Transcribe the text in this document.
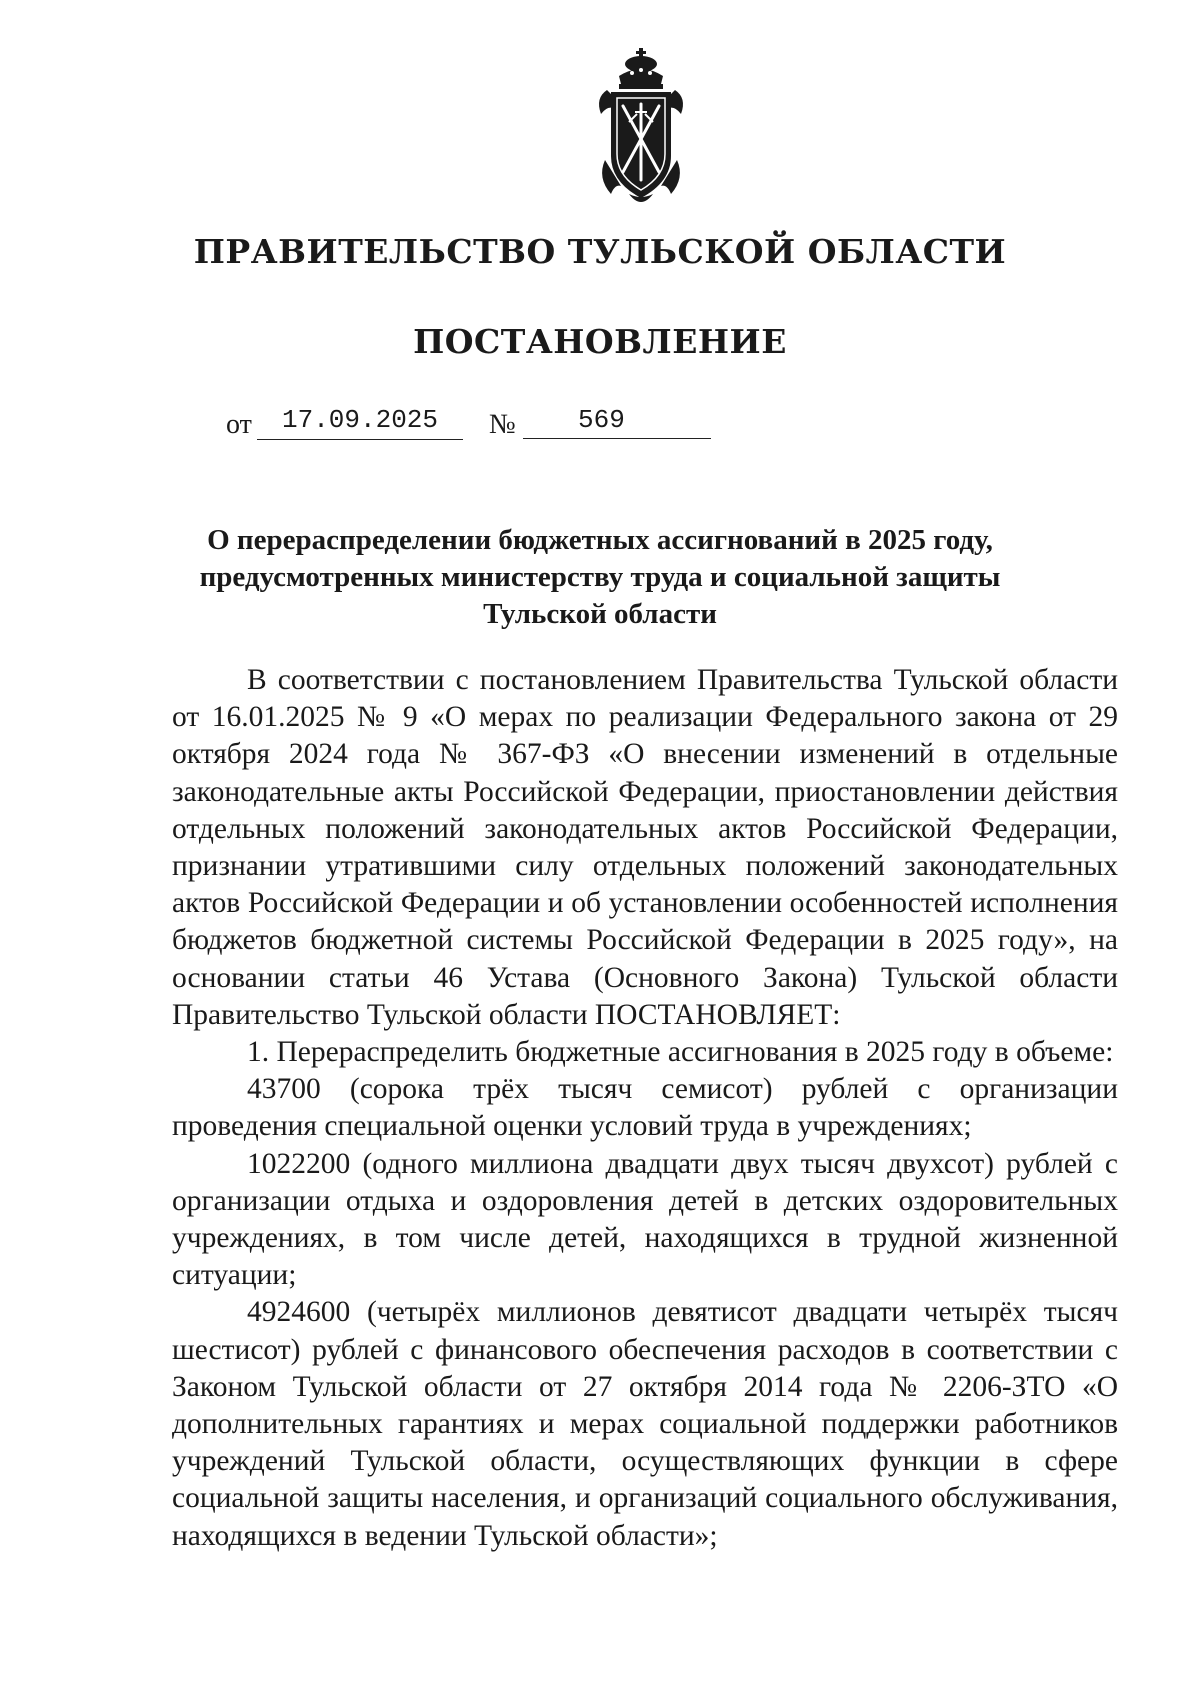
ПРАВИТЕЛЬСТВО ТУЛЬСКОЙ ОБЛАСТИ
ПОСТАНОВЛЕНИЕ
от	17.09.2025	№	569
О перераспределении бюджетных ассигнований в 2025 году,
предусмотренных министерству труда и социальной защиты
Тульской области

В соответствии с постановлением Правительства Тульской области от 16.01.2025 № 9 «О мерах по реализации Федерального закона от 29 октября 2024 года № 367-ФЗ «О внесении изменений в отдельные законодательные акты Российской Федерации, приостановлении действия отдельных положений законодательных актов Российской Федерации, признании утратившими силу отдельных положений законодательных актов Российской Федерации и об установлении особенностей исполнения бюджетов бюджетной системы Российской Федерации в 2025 году», на основании статьи 46 Устава (Основного Закона) Тульской области Правительство Тульской области ПОСТАНОВЛЯЕТ:

1. Перераспределить бюджетные ассигнования в 2025 году в объеме:

43700 (сорока трёх тысяч семисот) рублей с организации проведения специальной оценки условий труда в учреждениях;

1022200 (одного миллиона двадцати двух тысяч двухсот) рублей с организации отдыха и оздоровления детей в детских оздоровительных учреждениях, в том числе детей, находящихся в трудной жизненной ситуации;

4924600 (четырёх миллионов девятисот двадцати четырёх тысяч шестисот) рублей с финансового обеспечения расходов в соответствии с Законом Тульской области от 27 октября 2014 года № 2206-ЗТО «О дополнительных гарантиях и мерах социальной поддержки работников учреждений Тульской области, осуществляющих функции в сфере социальной защиты населения, и организаций социального обслуживания, находящихся в ведении Тульской области»;
